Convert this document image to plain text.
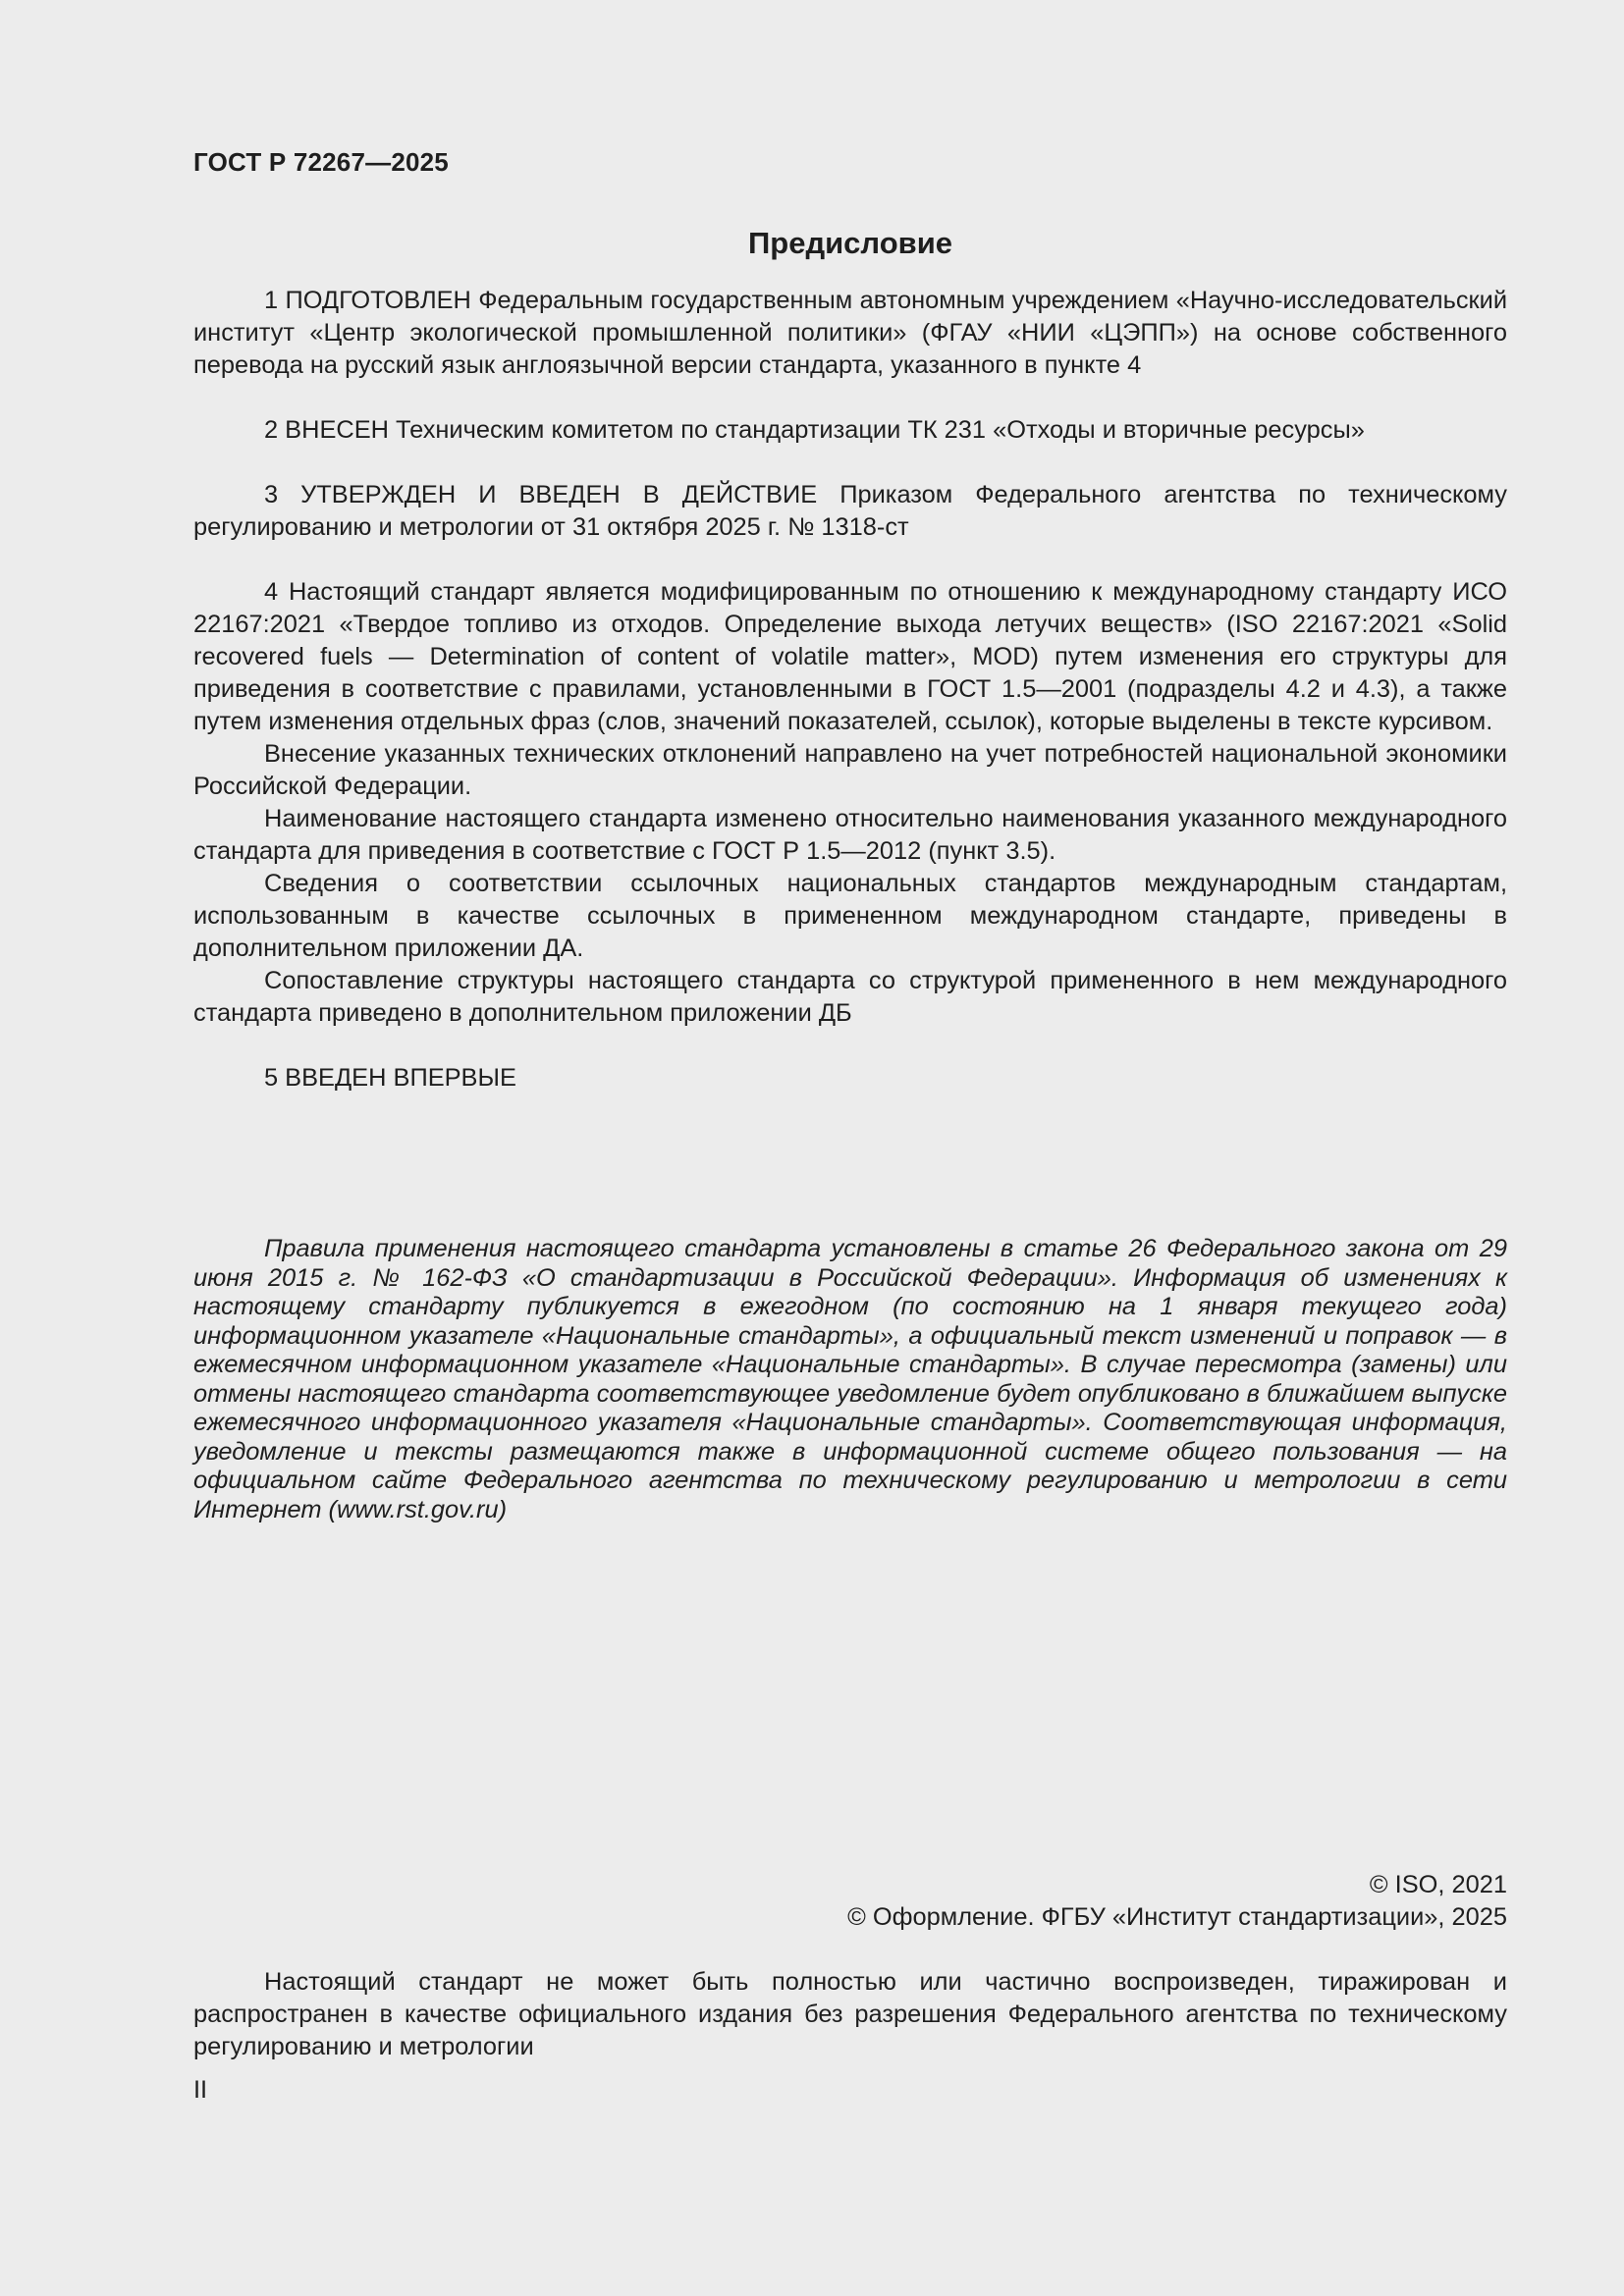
ГОСТ Р 72267—2025
Предисловие

1 ПОДГОТОВЛЕН Федеральным государственным автономным учреждением «Научно-исследовательский институт «Центр экологической промышленной политики» (ФГАУ «НИИ «ЦЭПП») на основе собственного перевода на русский язык англоязычной версии стандарта, указанного в пункте 4

2 ВНЕСЕН Техническим комитетом по стандартизации ТК 231 «Отходы и вторичные ресурсы»

3 УТВЕРЖДЕН И ВВЕДЕН В ДЕЙСТВИЕ Приказом Федерального агентства по техническому регулированию и метрологии от 31 октября 2025 г. № 1318-ст

4 Настоящий стандарт является модифицированным по отношению к международному стандарту ИСО 22167:2021 «Твердое топливо из отходов. Определение выхода летучих веществ» (ISO 22167:2021 «Solid recovered fuels — Determination of content of volatile matter», MOD) путем изменения его структуры для приведения в соответствие с правилами, установленными в ГОСТ 1.5—2001 (подразделы 4.2 и 4.3), а также путем изменения отдельных фраз (слов, значений показателей, ссылок), которые выделены в тексте курсивом.

Внесение указанных технических отклонений направлено на учет потребностей национальной экономики Российской Федерации.

Наименование настоящего стандарта изменено относительно наименования указанного международного стандарта для приведения в соответствие с ГОСТ Р 1.5—2012 (пункт 3.5).

Сведения о соответствии ссылочных национальных стандартов международным стандартам, использованным в качестве ссылочных в примененном международном стандарте, приведены в дополнительном приложении ДА.

Сопоставление структуры настоящего стандарта со структурой примененного в нем международного стандарта приведено в дополнительном приложении ДБ

5 ВВЕДЕН ВПЕРВЫЕ

Правила применения настоящего стандарта установлены в статье 26 Федерального закона от 29 июня 2015 г. № 162-ФЗ «О стандартизации в Российской Федерации». Информация об изменениях к настоящему стандарту публикуется в ежегодном (по состоянию на 1 января текущего года) информационном указателе «Национальные стандарты», а официальный текст изменений и поправок — в ежемесячном информационном указателе «Национальные стандарты». В случае пересмотра (замены) или отмены настоящего стандарта соответствующее уведомление будет опубликовано в ближайшем выпуске ежемесячного информационного указателя «Национальные стандарты». Соответствующая информация, уведомление и тексты размещаются также в информационной системе общего пользования — на официальном сайте Федерального агентства по техническому регулированию и метрологии в сети Интернет (www.rst.gov.ru)

© ISO, 2021
© Оформление. ФГБУ «Институт стандартизации», 2025

Настоящий стандарт не может быть полностью или частично воспроизведен, тиражирован и распространен в качестве официального издания без разрешения Федерального агентства по техническому регулированию и метрологии

II
